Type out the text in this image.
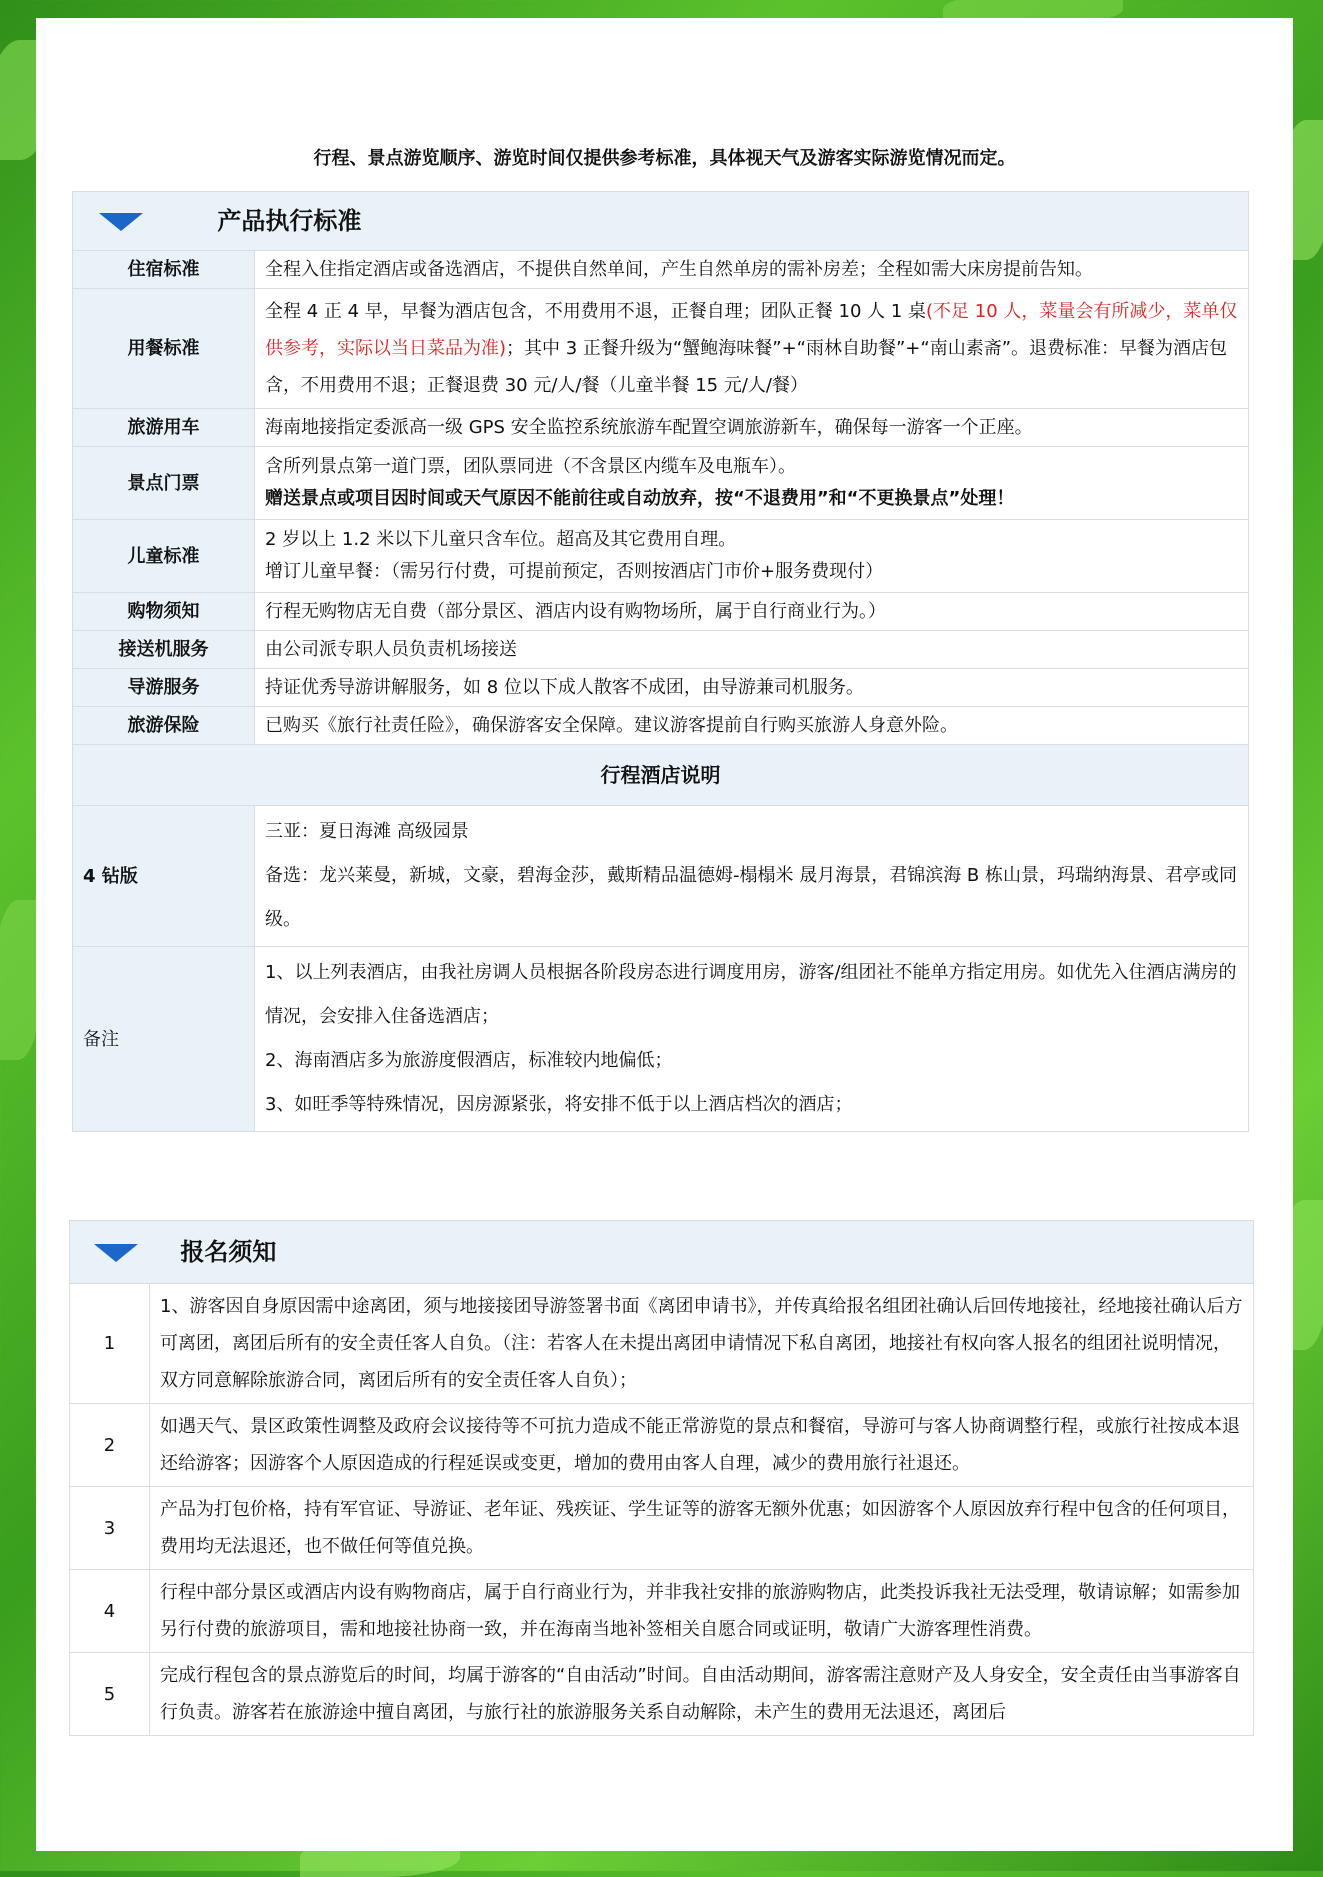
行程、景点游览顺序、游览时间仅提供参考标准，具体视天气及游客实际游览情况而定。
产品执行标准	
住宿标准	全程入住指定酒店或备选酒店，不提供自然单间，产生自然单房的需补房差；全程如需大床房提前告知。
用餐标准	全程 4 正 4 早，早餐为酒店包含，不用费用不退，正餐自理；团队正餐 10 人 1 桌(不足 10 人，菜量会有所减少，菜单仅供参考，实际以当日菜品为准)；其中 3 正餐升级为“蟹鲍海味餐”+“雨林自助餐”+“南山素斋”。退费标准：早餐为酒店包含，不用费用不退；正餐退费 30 元/人/餐（儿童半餐 15 元/人/餐）
旅游用车	海南地接指定委派高一级 GPS 安全监控系统旅游车配置空调旅游新车，确保每一游客一个正座。
景点门票	含所列景点第一道门票，团队票同进（不含景区内缆车及电瓶车）。
赠送景点或项目因时间或天气原因不能前往或自动放弃，按“不退费用”和“不更换景点”处理！

儿童标准	2 岁以上 1.2 米以下儿童只含车位。超高及其它费用自理。
增订儿童早餐：（需另行付费，可提前预定，否则按酒店门市价+服务费现付）

购物须知	行程无购物店无自费（部分景区、酒店内设有购物场所，属于自行商业行为。）
接送机服务	由公司派专职人员负责机场接送
导游服务	持证优秀导游讲解服务，如 8 位以下成人散客不成团，由导游兼司机服务。
旅游保险	已购买《旅行社责任险》，确保游客安全保障。建议游客提前自行购买旅游人身意外险。
行程酒店说明	
4 钻版	三亚：夏日海滩 高级园景
备选：龙兴莱曼，新城，文豪，碧海金莎，戴斯精品温德姆-榻榻米 晟月海景，君锦滨海 B 栋山景，玛瑞纳海景、君亭或同级。

备注	1、以上列表酒店，由我社房调人员根据各阶段房态进行调度用房，游客/组团社不能单方指定用房。如优先入住酒店满房的情况，会安排入住备选酒店；
2、海南酒店多为旅游度假酒店，标准较内地偏低；
3、如旺季等特殊情况，因房源紧张，将安排不低于以上酒店档次的酒店；
报名须知	
1	1、游客因自身原因需中途离团，须与地接接团导游签署书面《离团申请书》，并传真给报名组团社确认后回传地接社，经地接社确认后方可离团，离团后所有的安全责任客人自负。（注：若客人在未提出离团申请情况下私自离团，地接社有权向客人报名的组团社说明情况，双方同意解除旅游合同，离团后所有的安全责任客人自负）；
2	如遇天气、景区政策性调整及政府会议接待等不可抗力造成不能正常游览的景点和餐宿，导游可与客人协商调整行程，或旅行社按成本退还给游客；因游客个人原因造成的行程延误或变更，增加的费用由客人自理，减少的费用旅行社退还。
3	产品为打包价格，持有军官证、导游证、老年证、残疾证、学生证等的游客无额外优惠；如因游客个人原因放弃行程中包含的任何项目，费用均无法退还，也不做任何等值兑换。
4	行程中部分景区或酒店内设有购物商店，属于自行商业行为，并非我社安排的旅游购物店，此类投诉我社无法受理，敬请谅解；如需参加另行付费的旅游项目，需和地接社协商一致，并在海南当地补签相关自愿合同或证明，敬请广大游客理性消费。
5	完成行程包含的景点游览后的时间，均属于游客的“自由活动”时间。自由活动期间，游客需注意财产及人身安全，安全责任由当事游客自行负责。游客若在旅游途中擅自离团，与旅行社的旅游服务关系自动解除，未产生的费用无法退还，离团后
